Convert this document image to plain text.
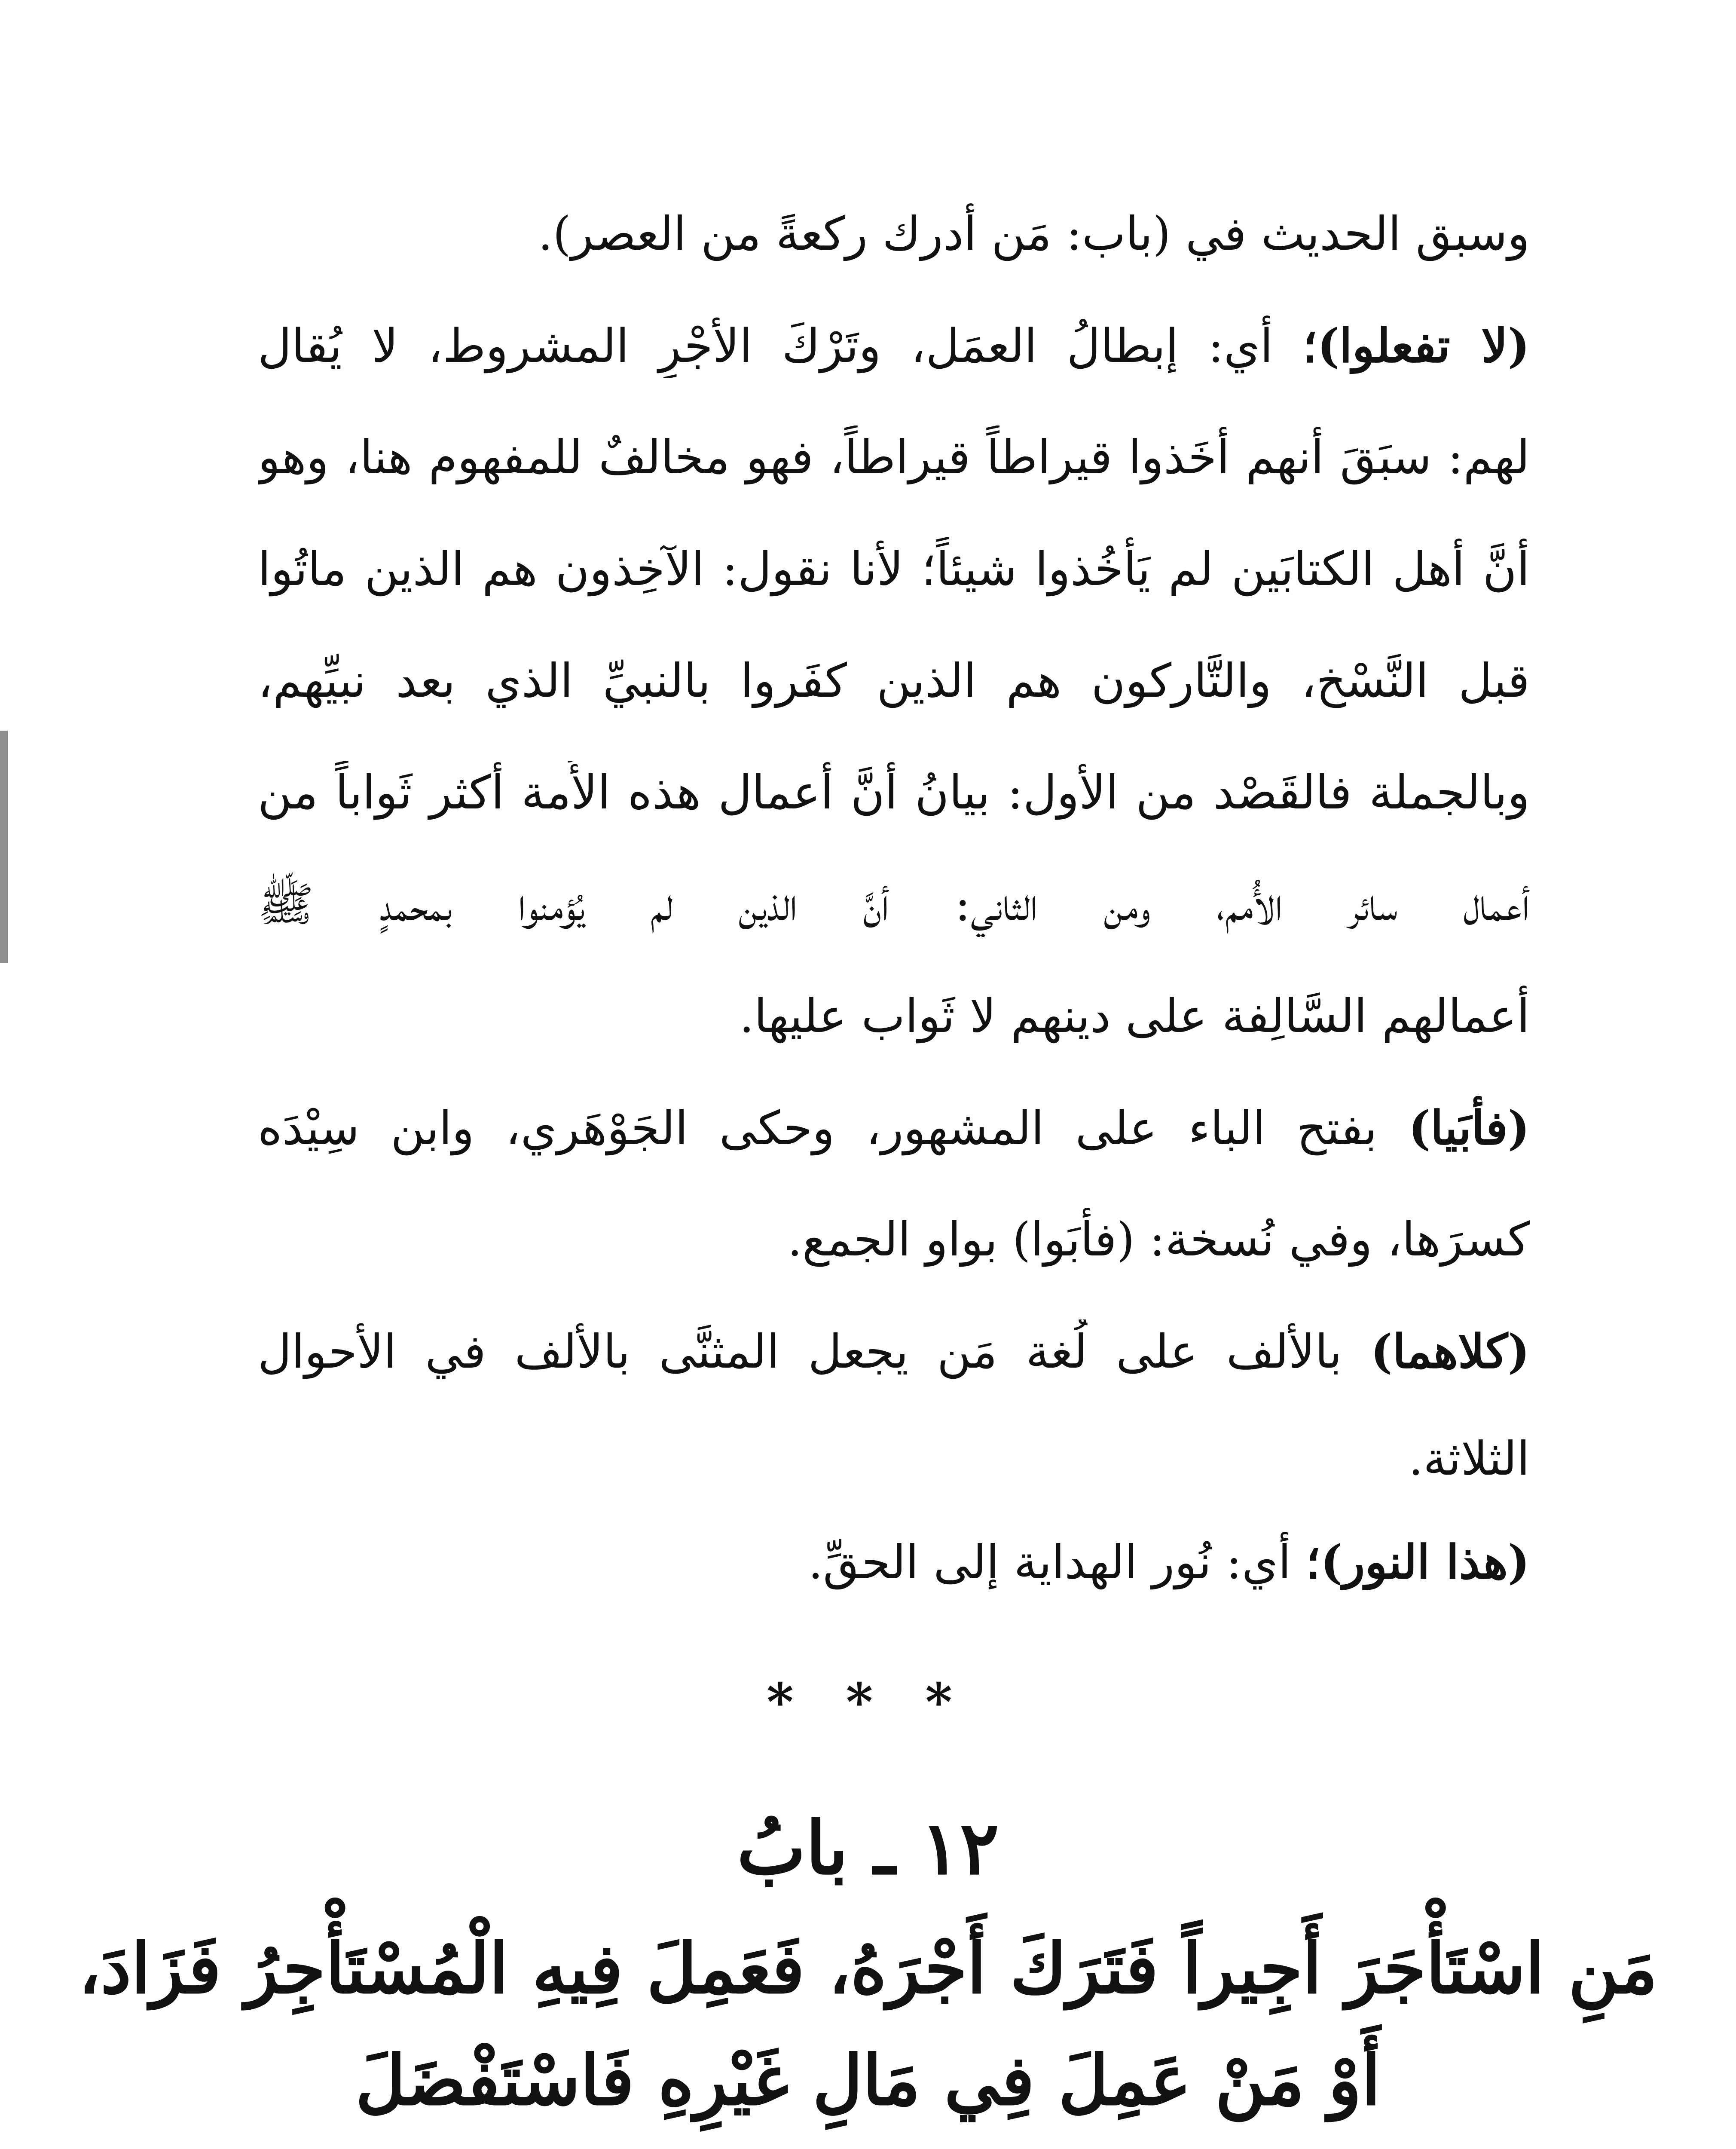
وسبق الحديث في (باب: مَن أدرك ركعةً من العصر).
(لا تفعلوا)؛ أي: إبطالُ العمَل، وتَرْكَ الأجْرِ المشروط، لا يُقال
لهم: سبَقَ أنهم أخَذوا قيراطاً قيراطاً، فهو مخالفٌ للمفهوم هنا، وهو
أنَّ أهل الكتابَين لم يَأْخُذوا شيئاً؛ لأنا نقول: الآخِذون هم الذين ماتُوا
قبل النَّسْخ، والتَّاركون هم الذين كفَروا بالنبيِّ الذي بعد نبيِّهم،
وبالجملة فالقَصْد من الأول: بيانُ أنَّ أعمال هذه الأُمة أكثر ثَواباً من
أعمال سائر الأُمم، ومن الثاني: أنَّ الذين لم يُؤمنوا بمحمدٍ ﷺ
أعمالهم السَّالِفة على دينهم لا ثَواب عليها.
(فأَبَيا) بفتح الباء على المشهور، وحكى الجَوْهَري، وابن سِيْدَه
كسرَها، وفي نُسخة: (فأَبَوا) بواو الجمع.
(كلاهما) بالألف على لُغة مَن يجعل المثنَّى بالألف في الأحوال
الثلاثة.
(هذا النور)؛ أي: نُور الهداية إلى الحقِّ.
* * *
١٢ ـ بابُ
مَنِ اسْتَأْجَرَ أَجِيراً فَتَرَكَ أَجْرَهُ، فَعَمِلَ فِيهِ الْمُسْتَأْجِرُ فَزَادَ،
أَوْ مَنْ عَمِلَ فِي مَالِ غَيْرِهِ فَاسْتَفْضَلَ
